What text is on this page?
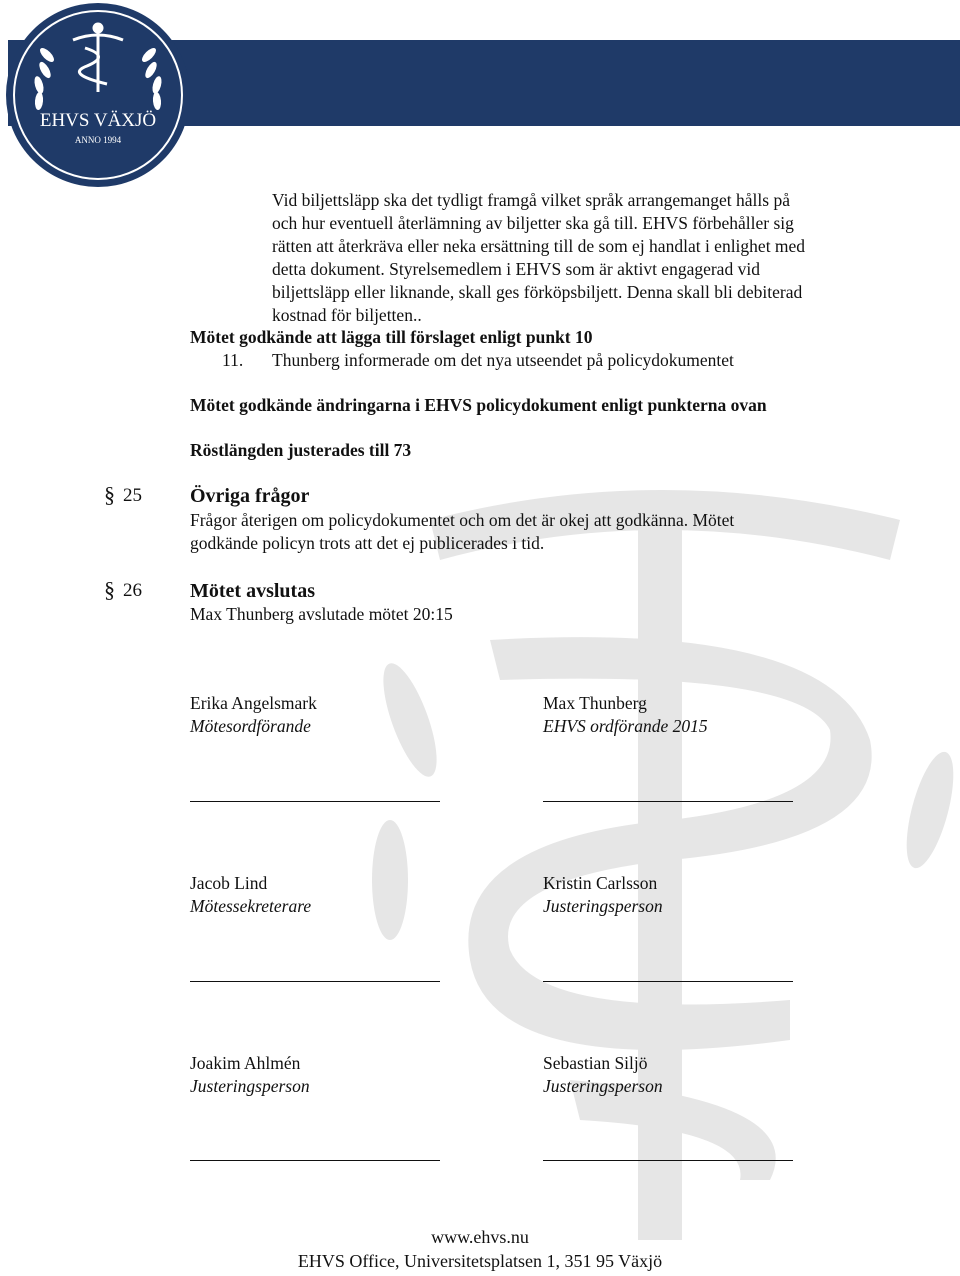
EHVS VÄXJÖ
ANNO 1994
Vid biljettsläpp ska det tydligt framgå vilket språk arrangemanget hålls på
och hur eventuell återlämning av biljetter ska gå till. EHVS förbehåller sig
rätten att återkräva eller neka ersättning till de som ej handlat i enlighet med
detta dokument. Styrelsemedlem i EHVS som är aktivt engagerad vid
biljettsläpp eller liknande, skall ges förköpsbiljett. Denna skall bli debiterad
kostnad för biljetten..
Mötet godkände att lägga till förslaget enligt punkt 10
11. Thunberg informerade om det nya utseendet på policydokumentet
Mötet godkände ändringarna i EHVS policydokument enligt punkterna ovan
Röstlängden justerades till 73
§ 25 Övriga frågor
Frågor återigen om policydokumentet och om det är okej att godkänna. Mötet
godkände policyn trots att det ej publicerades i tid.
§ 26 Mötet avslutas
Max Thunberg avslutade mötet 20:15
Erika Angelsmark
Mötesordförande
Max Thunberg
EHVS ordförande 2015
Jacob Lind
Mötessekreterare
Kristin Carlsson
Justeringsperson
Joakim Ahlmén
Justeringsperson
Sebastian Siljö
Justeringsperson
www.ehvs.nu
EHVS Office, Universitetsplatsen 1, 351 95 Växjö
